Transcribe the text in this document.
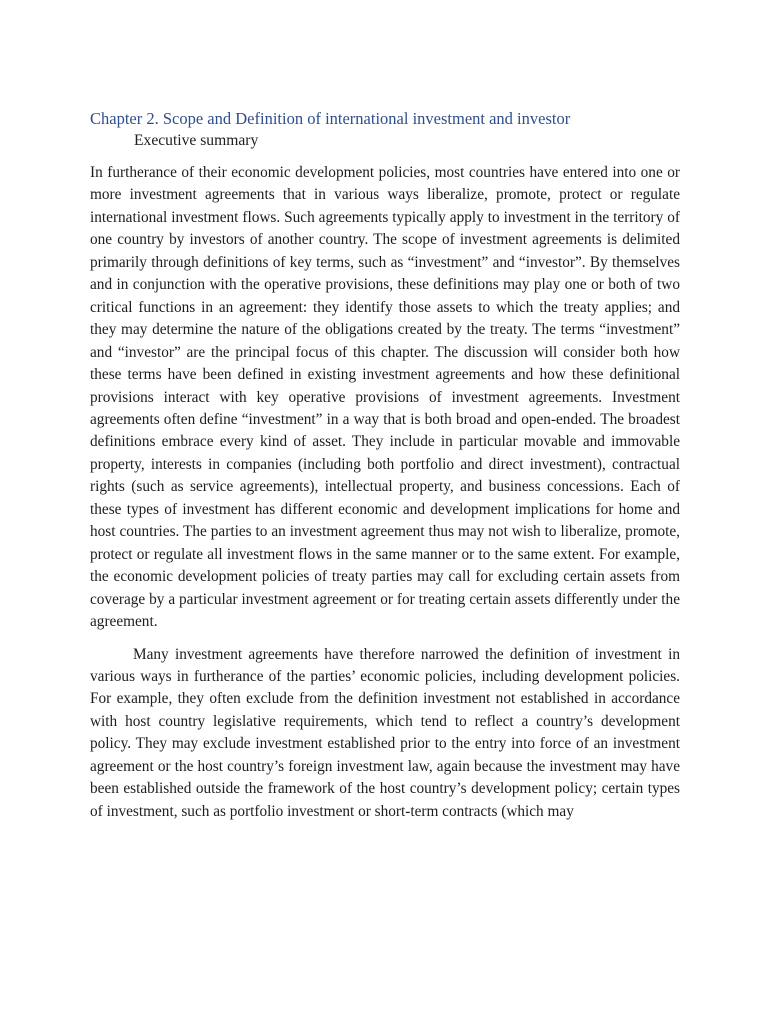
Chapter 2. Scope and Definition of international investment and investor
Executive summary

In furtherance of their economic development policies, most countries have entered into one or more investment agreements that in various ways liberalize, promote, protect or regulate international investment flows. Such agreements typically apply to investment in the territory of one country by investors of another country. The scope of investment agreements is delimited primarily through definitions of key terms, such as “investment” and “investor”. By themselves and in conjunction with the operative provisions, these definitions may play one or both of two critical functions in an agreement: they identify those assets to which the treaty applies; and they may determine the nature of the obligations created by the treaty. The terms “investment” and “investor” are the principal focus of this chapter. The discussion will consider both how these terms have been defined in existing investment agreements and how these definitional provisions interact with key operative provisions of investment agreements. Investment agreements often define “investment” in a way that is both broad and open-ended. The broadest definitions embrace every kind of asset. They include in particular movable and immovable property, interests in companies (including both portfolio and direct investment), contractual rights (such as service agreements), intellectual property, and business concessions. Each of these types of investment has different economic and development implications for home and host countries. The parties to an investment agreement thus may not wish to liberalize, promote, protect or regulate all investment flows in the same manner or to the same extent. For example, the economic development policies of treaty parties may call for excluding certain assets from coverage by a particular investment agreement or for treating certain assets differently under the agreement.

Many investment agreements have therefore narrowed the definition of investment in various ways in furtherance of the parties’ economic policies, including development policies. For example, they often exclude from the definition investment not established in accordance with host country legislative requirements, which tend to reflect a country’s development policy. They may exclude investment established prior to the entry into force of an investment agreement or the host country’s foreign investment law, again because the investment may have been established outside the framework of the host country’s development policy; certain types of investment, such as portfolio investment or short-term contracts (which may
